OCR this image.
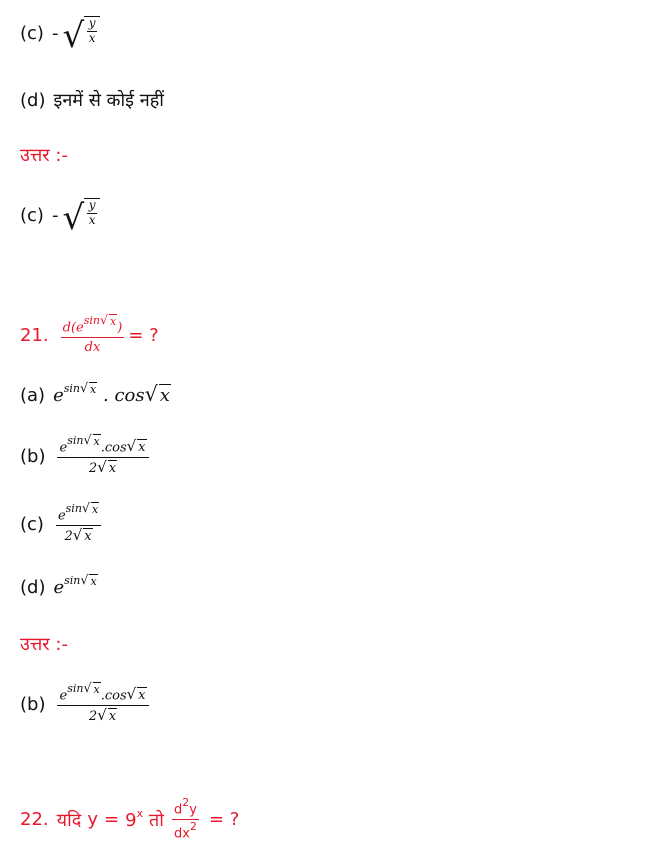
(c) - √ y
x
(d) इनमें से कोई नहीं
उत्तर :-
(c) - √ y
x
21. $\frac{d(e^{sin √ x} )}{dx}$ = ?
(a) $e^{sin √ x}$ . cos √ x
$(b) \frac{e^{sin √ x} .\cos √ x}{2 √ x}$
$(c) \frac{e^{sin √ x}}{2 √ x}$
(d) $e^{sin √ x}$
उत्तर :-
$(b) \frac{e^{sin √ x} .\cos √ x}{2 √ x}$
22. यदि $y = 9^x$ तो $\frac{d^2y}{dx^2}$ = ?
